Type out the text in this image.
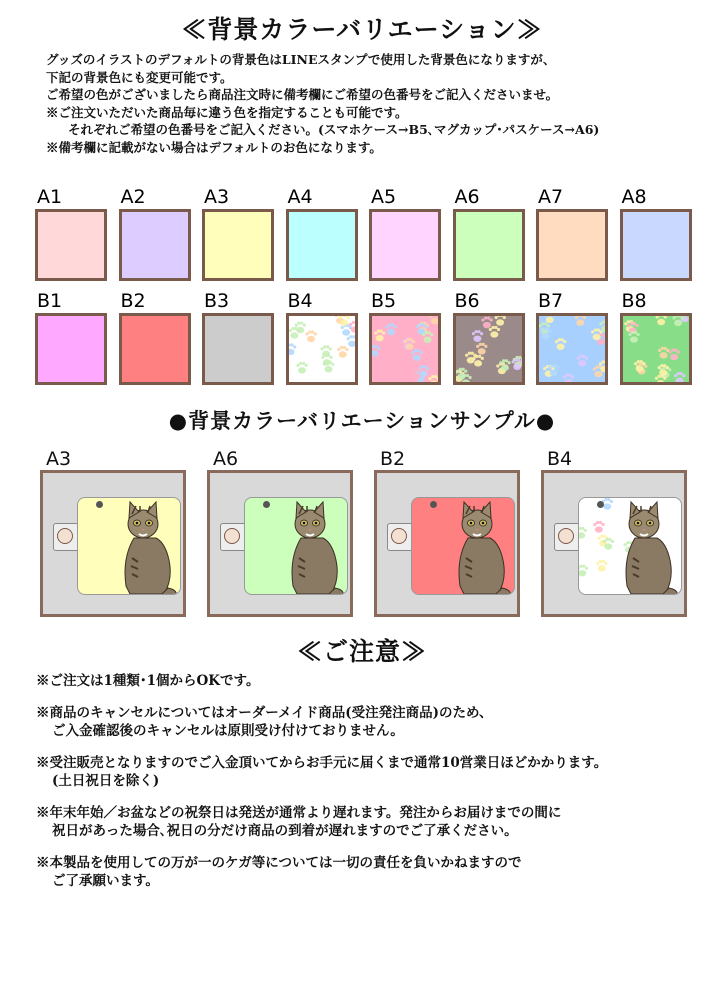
≪背景カラーバリエーション≫
グッズのイラストのデフォルトの背景色はLINEスタンプで使用した背景色になりますが、
下記の背景色にも変更可能です。
ご希望の色がございましたら商品注文時に備考欄にご希望の色番号をご記入くださいませ。
※ご注文いただいた商品毎に違う色を指定することも可能です。
それぞれご希望の色番号をご記入ください。(スマホケース→B5､マグカップ･パスケース→A6)
※備考欄に記載がない場合はデフォルトのお色になります。
A1	A2	A3	A4	A5	A6	A7	A8
B1	B2	B3	B4	B5	B6	B7	B8
●背景カラーバリエーションサンプル●
A3	A6	B2	B4
≪ご注意≫
※ご注文は1種類･1個からOKです。
※商品のキャンセルについてはオーダーメイド商品(受注発注商品)のため、
ご入金確認後のキャンセルは原則受け付けておりません。
※受注販売となりますのでご入金頂いてからお手元に届くまで通常10営業日ほどかかります。
(土日祝日を除く)
※年末年始／お盆などの祝祭日は発送が通常より遅れます。発注からお届けまでの間に
祝日があった場合､祝日の分だけ商品の到着が遅れますのでご了承ください。
※本製品を使用しての万が一のケガ等については一切の責任を負いかねますので
ご了承願います。
